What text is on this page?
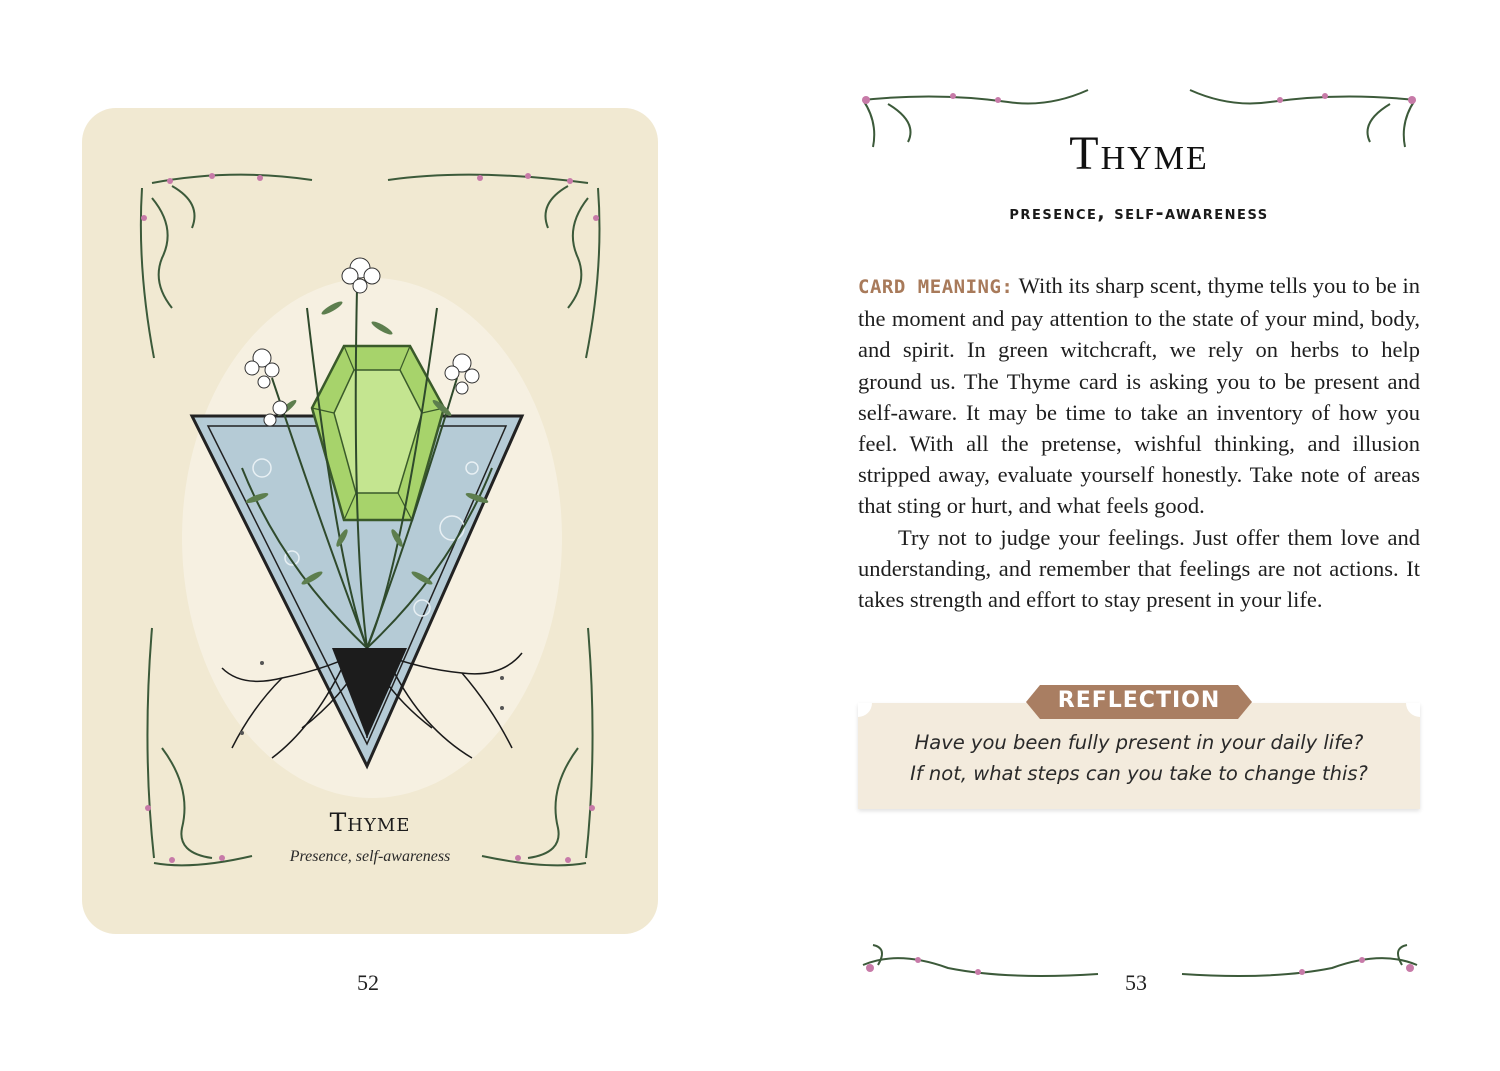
Thyme
Presence, self-awareness
52
Thyme
presence, self-awareness

CARD MEANING: With its sharp scent, thyme tells you to be in the moment and pay attention to the state of your mind, body, and spirit. In green witchcraft, we rely on herbs to help ground us. The Thyme card is asking you to be present and self-aware. It may be time to take an inventory of how you feel. With all the pretense, wishful thinking, and illusion stripped away, evaluate yourself honestly. Take note of areas that sting or hurt, and what feels good.

Try not to judge your feelings. Just offer them love and understanding, and remember that feelings are not actions. It takes strength and effort to stay present in your life.

REFLECTION
Have you been fully present in your daily life?
If not, what steps can you take to change this?
53
